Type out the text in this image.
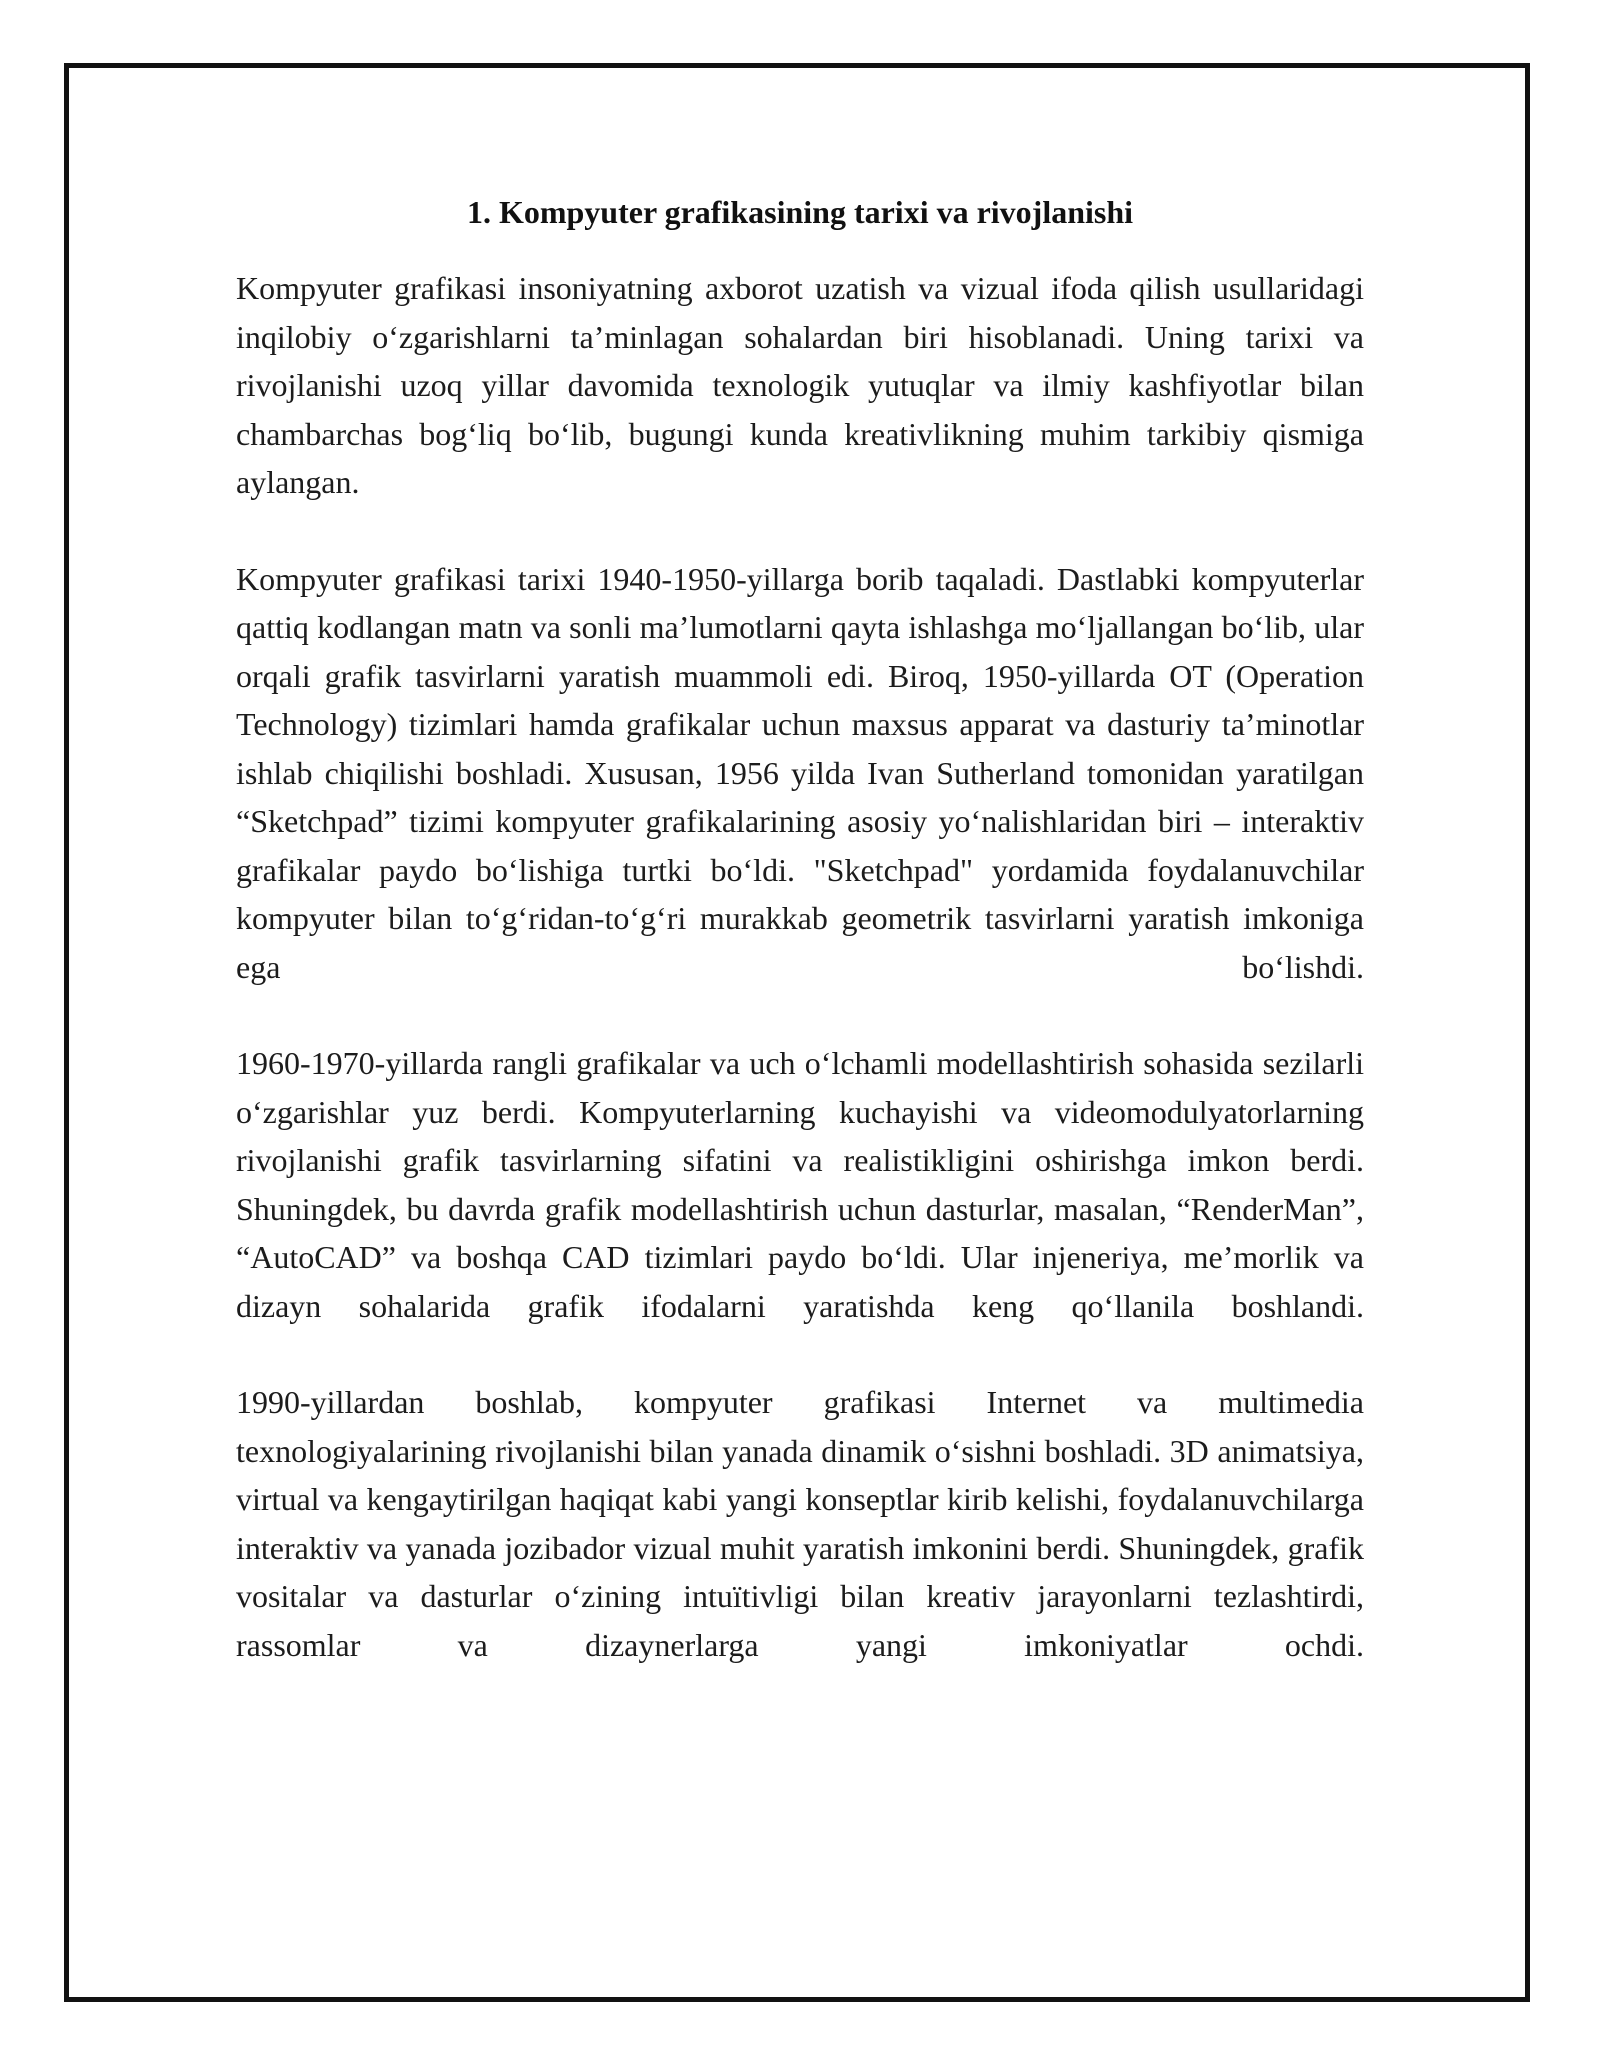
1. Kompyuter grafikasining tarixi va rivojlanishi

Kompyuter grafikasi insoniyatning axborot uzatish va vizual ifoda qilish usullaridagi inqilobiy o‘zgarishlarni ta’minlagan sohalardan biri hisoblanadi. Uning tarixi va rivojlanishi uzoq yillar davomida texnologik yutuqlar va ilmiy kashfiyotlar bilan chambarchas bog‘liq bo‘lib, bugungi kunda kreativlikning muhim tarkibiy qismiga aylangan.

Kompyuter grafikasi tarixi 1940-1950-yillarga borib taqaladi. Dastlabki kompyuterlar qattiq kodlangan matn va sonli ma’lumotlarni qayta ishlashga mo‘ljallangan bo‘lib, ular orqali grafik tasvirlarni yaratish muammoli edi. Biroq, 1950-yillarda OT (Operation Technology) tizimlari hamda grafikalar uchun maxsus apparat va dasturiy ta’minotlar ishlab chiqilishi boshladi. Xususan, 1956 yilda Ivan Sutherland tomonidan yaratilgan “Sketchpad” tizimi kompyuter grafikalarining asosiy yo‘nalishlaridan biri – interaktiv grafikalar paydo bo‘lishiga turtki bo‘ldi. "Sketchpad" yordamida foydalanuvchilar kompyuter bilan to‘g‘ridan-to‘g‘ri murakkab geometrik tasvirlarni yaratish imkoniga ega bo‘lishdi.

1960-1970-yillarda rangli grafikalar va uch o‘lchamli modellashtirish sohasida sezilarli o‘zgarishlar yuz berdi. Kompyuterlarning kuchayishi va videomodulyatorlarning rivojlanishi grafik tasvirlarning sifatini va realistikligini oshirishga imkon berdi. Shuningdek, bu davrda grafik modellashtirish uchun dasturlar, masalan, “RenderMan”, “AutoCAD” va boshqa CAD tizimlari paydo bo‘ldi. Ular injeneriya, me’morlik va dizayn sohalarida grafik ifodalarni yaratishda keng qo‘llanila boshlandi.

1990-yillardan boshlab, kompyuter grafikasi Internet va multimedia texnologiyalarining rivojlanishi bilan yanada dinamik o‘sishni boshladi. 3D animatsiya, virtual va kengaytirilgan haqiqat kabi yangi konseptlar kirib kelishi, foydalanuvchilarga interaktiv va yanada jozibador vizual muhit yaratish imkonini berdi. Shuningdek, grafik vositalar va dasturlar o‘zining intuïtivligi bilan kreativ jarayonlarni tezlashtirdi, rassomlar va dizaynerlarga yangi imkoniyatlar ochdi.
